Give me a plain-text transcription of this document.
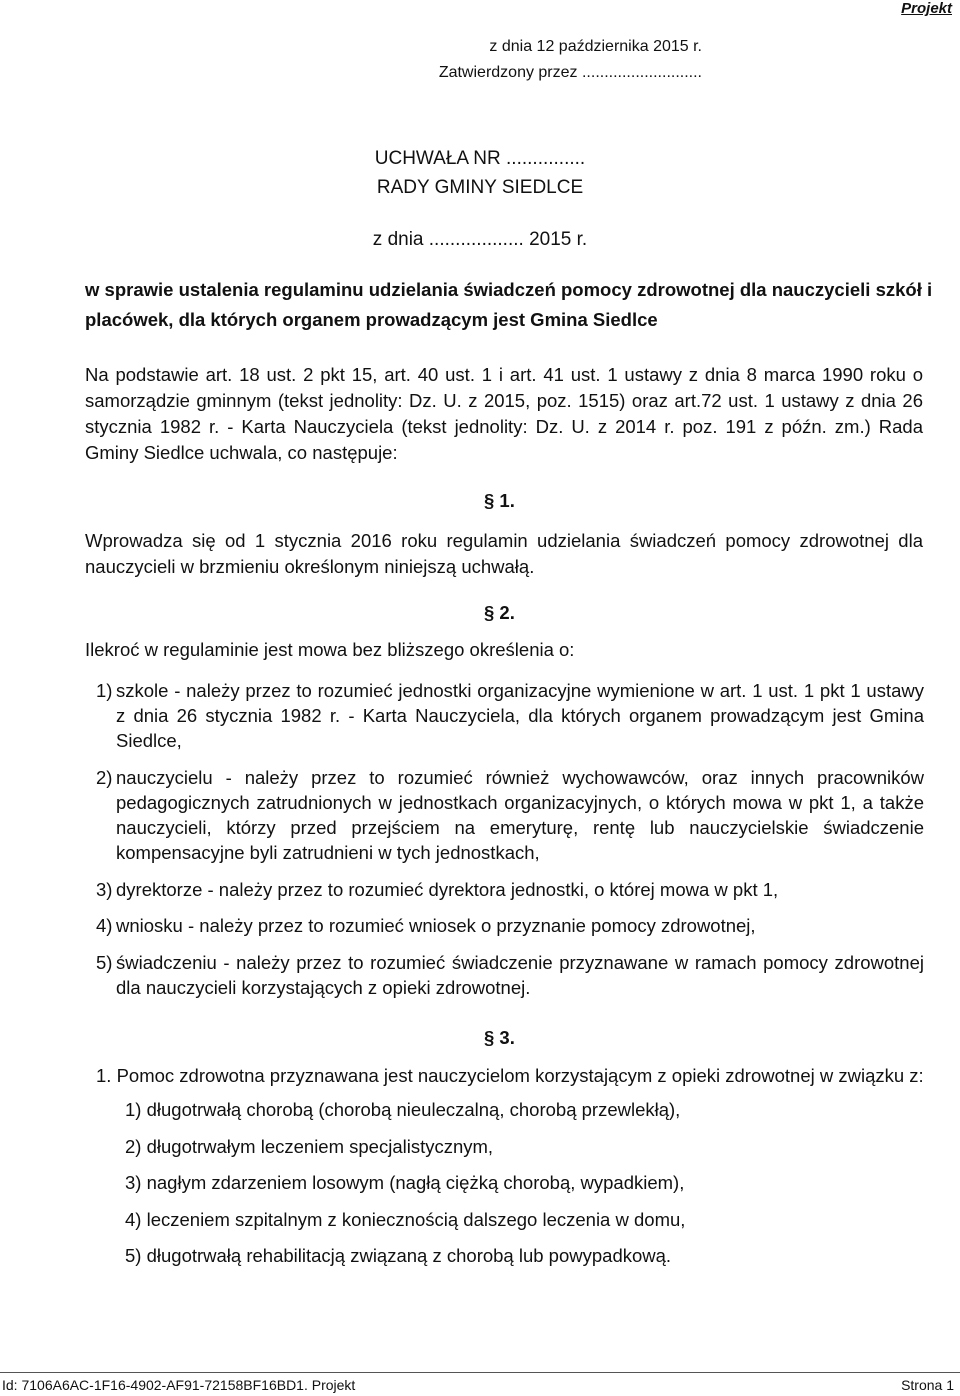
Projekt
z dnia 12 października 2015 r.
Zatwierdzony przez ...........................
UCHWAŁA NR ...............
RADY GMINY SIEDLCE
z dnia .................. 2015 r.
w sprawie ustalenia regulaminu udzielania świadczeń pomocy zdrowotnej dla nauczycieli szkół i placówek, dla których organem prowadzącym jest Gmina Siedlce
Na podstawie art. 18 ust. 2 pkt 15, art. 40 ust. 1 i art. 41 ust. 1 ustawy z dnia 8 marca 1990 roku o samorządzie gminnym (tekst jednolity: Dz. U. z 2015, poz. 1515) oraz art.72 ust. 1 ustawy z dnia 26 stycznia 1982 r. - Karta Nauczyciela (tekst jednolity: Dz. U. z 2014 r. poz. 191 z późn. zm.) Rada Gminy Siedlce uchwala, co następuje:
§ 1.
Wprowadza się od 1 stycznia 2016 roku regulamin udzielania świadczeń pomocy zdrowotnej dla nauczycieli w brzmieniu określonym niniejszą uchwałą.
§ 2.
Ilekroć w regulaminie jest mowa bez bliższego określenia o:
1) szkole - należy przez to rozumieć jednostki organizacyjne wymienione w art. 1 ust. 1 pkt 1 ustawy z dnia 26 stycznia 1982 r. - Karta Nauczyciela, dla których organem prowadzącym jest Gmina Siedlce,
2) nauczycielu - należy przez to rozumieć również wychowawców, oraz innych pracowników pedagogicznych zatrudnionych w jednostkach organizacyjnych, o których mowa w pkt 1, a także nauczycieli, którzy przed przejściem na emeryturę, rentę lub nauczycielskie świadczenie kompensacyjne byli zatrudnieni w tych jednostkach,
3) dyrektorze - należy przez to rozumieć dyrektora jednostki, o której mowa w pkt 1,
4) wniosku - należy przez to rozumieć wniosek o przyznanie pomocy zdrowotnej,
5) świadczeniu - należy przez to rozumieć świadczenie przyznawane w ramach pomocy zdrowotnej dla nauczycieli korzystających z opieki zdrowotnej.
§ 3.
1. Pomoc zdrowotna przyznawana jest nauczycielom korzystającym z opieki zdrowotnej w związku z:
1) długotrwałą chorobą (chorobą nieuleczalną, chorobą przewlekłą),
2) długotrwałym leczeniem specjalistycznym,
3) nagłym zdarzeniem losowym (nagłą ciężką chorobą, wypadkiem),
4) leczeniem szpitalnym z koniecznością dalszego leczenia w domu,
5) długotrwałą rehabilitacją związaną z chorobą lub powypadkową.
Id: 7106A6AC-1F16-4902-AF91-72158BF16BD1. Projekt	Strona 1
